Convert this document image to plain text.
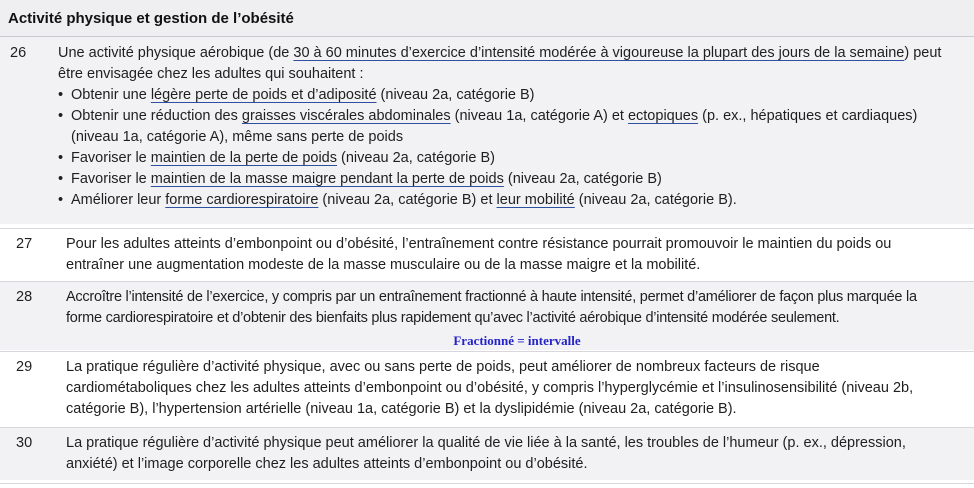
Activité physique et gestion de l’obésité
26 Une activité physique aérobique (de 30 à 60 minutes d’exercice d’intensité modérée à vigoureuse la plupart des jours de la semaine) peut être envisagée chez les adultes qui souhaitent :
• Obtenir une légère perte de poids et d’adiposité (niveau 2a, catégorie B)
• Obtenir une réduction des graisses viscérales abdominales (niveau 1a, catégorie A) et ectopiques (p. ex., hépatiques et cardiaques) (niveau 1a, catégorie A), même sans perte de poids
• Favoriser le maintien de la perte de poids (niveau 2a, catégorie B)
• Favoriser le maintien de la masse maigre pendant la perte de poids (niveau 2a, catégorie B)
• Améliorer leur forme cardiorespiratoire (niveau 2a, catégorie B) et leur mobilité (niveau 2a, catégorie B).
27 Pour les adultes atteints d’embonpoint ou d’obésité, l’entraînement contre résistance pourrait promouvoir le maintien du poids ou entraîner une augmentation modeste de la masse musculaire ou de la masse maigre et la mobilité.
28 Accroître l’intensité de l’exercice, y compris par un entraînement fractionné à haute intensité, permet d’améliorer de façon plus marquée la forme cardiorespiratoire et d’obtenir des bienfaits plus rapidement qu’avec l’activité aérobique d’intensité modérée seulement.
Fractionné = intervalle
29 La pratique régulière d’activité physique, avec ou sans perte de poids, peut améliorer de nombreux facteurs de risque cardiométaboliques chez les adultes atteints d’embonpoint ou d’obésité, y compris l’hyperglycémie et l’insulinosensibilité (niveau 2b, catégorie B), l’hypertension artérielle (niveau 1a, catégorie B) et la dyslipidémie (niveau 2a, catégorie B).
30 La pratique régulière d’activité physique peut améliorer la qualité de vie liée à la santé, les troubles de l’humeur (p. ex., dépression, anxiété) et l’image corporelle chez les adultes atteints d’embonpoint ou d’obésité.
